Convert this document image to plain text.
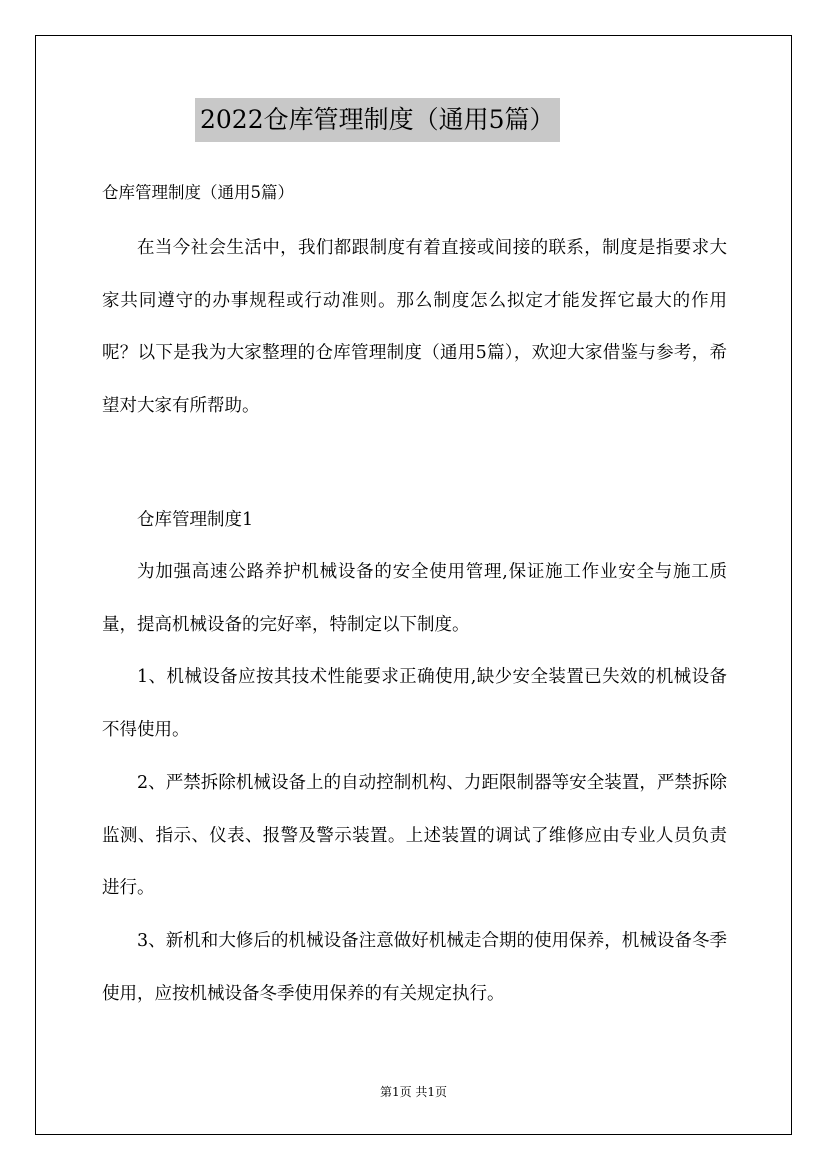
2022仓库管理制度（通用5篇）
仓库管理制度（通用5篇）

在当今社会生活中，我们都跟制度有着直接或间接的联系，制度是指要求大家共同遵守的办事规程或行动准则。那么制度怎么拟定才能发挥它最大的作用呢？以下是我为大家整理的仓库管理制度（通用5篇），欢迎大家借鉴与参考，希望对大家有所帮助。

仓库管理制度1

为加强高速公路养护机械设备的安全使用管理,保证施工作业安全与施工质量，提高机械设备的完好率，特制定以下制度。

1、机械设备应按其技术性能要求正确使用,缺少安全装置已失效的机械设备不得使用。

2、严禁拆除机械设备上的自动控制机构、力距限制器等安全装置，严禁拆除监测、指示、仪表、报警及警示装置。上述装置的调试了维修应由专业人员负责进行。

3、新机和大修后的机械设备注意做好机械走合期的使用保养，机械设备冬季使用，应按机械设备冬季使用保养的有关规定执行。

第1页 共1页
